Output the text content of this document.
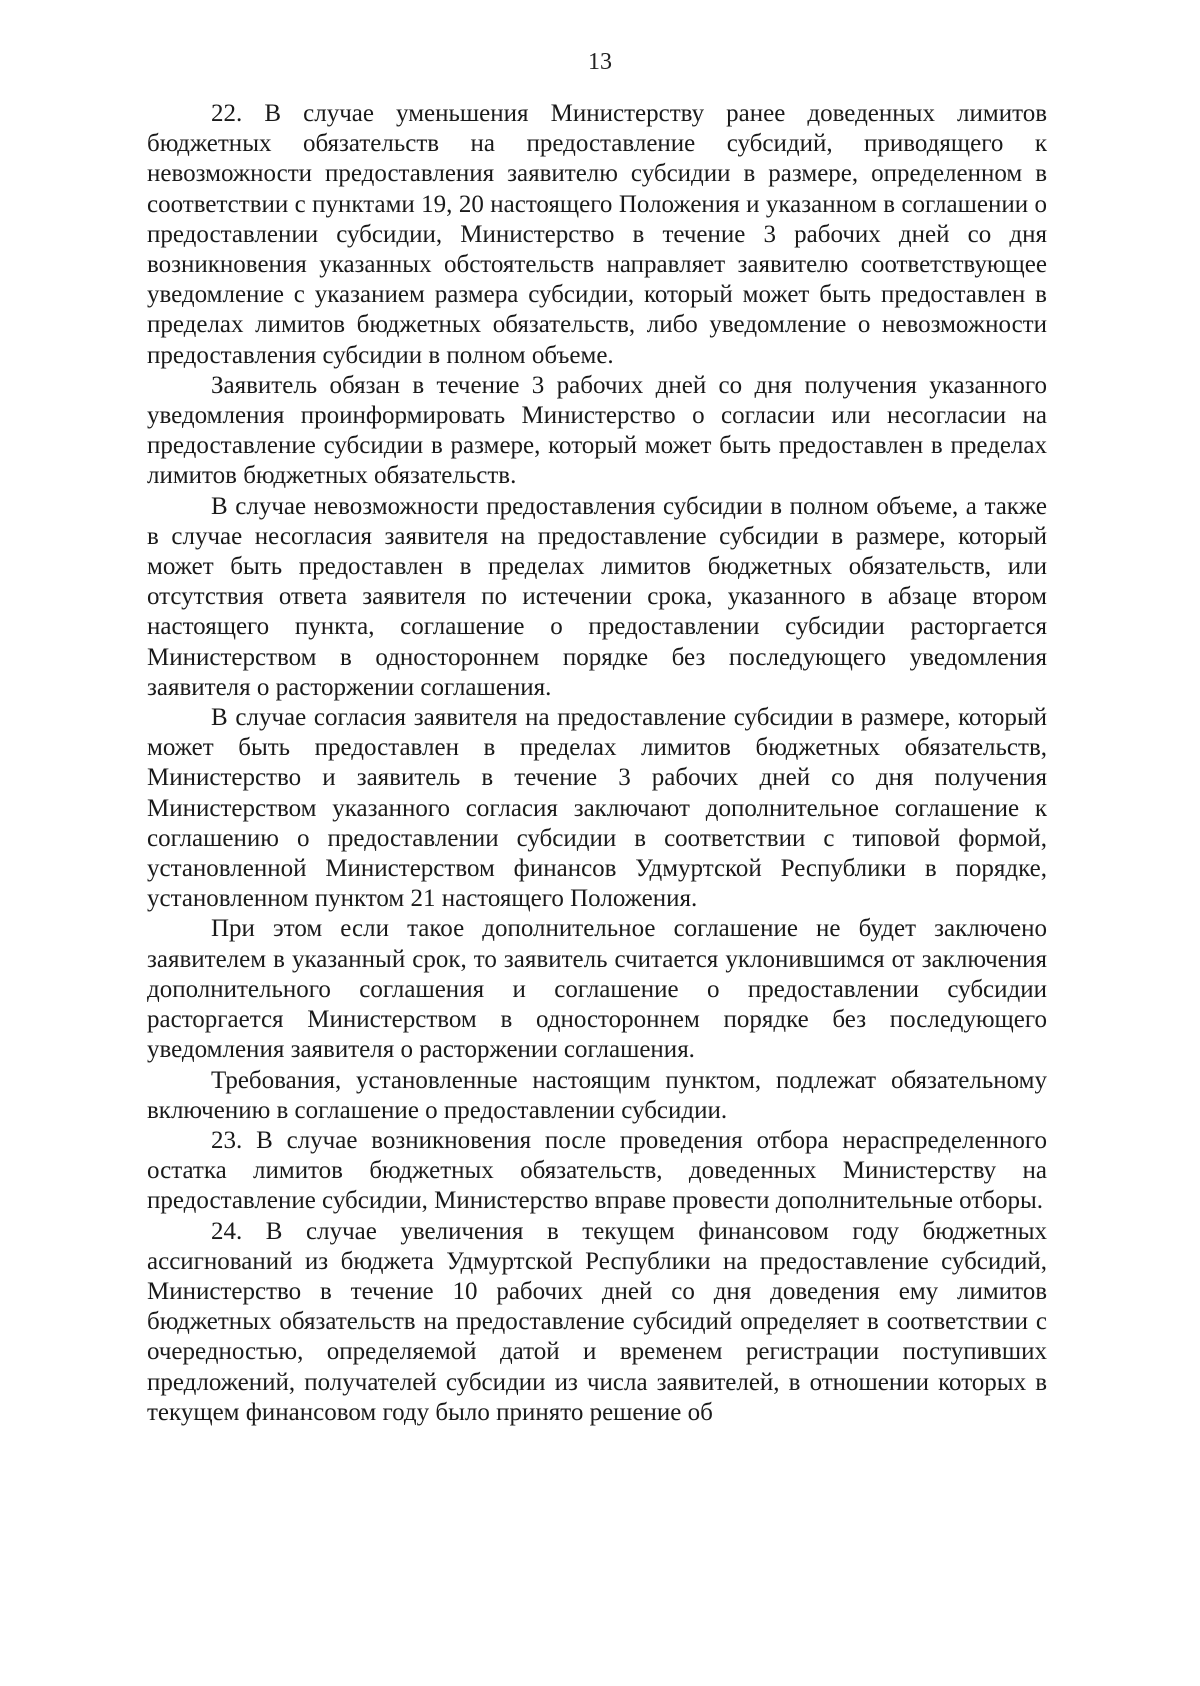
13

22. В случае уменьшения Министерству ранее доведенных лимитов бюджетных обязательств на предоставление субсидий, приводящего к невозможности предоставления заявителю субсидии в размере, определенном в соответствии с пунктами 19, 20 настоящего Положения и указанном в соглашении о предоставлении субсидии, Министерство в течение 3 рабочих дней со дня возникновения указанных обстоятельств направляет заявителю соответствующее уведомление с указанием размера субсидии, который может быть предоставлен в пределах лимитов бюджетных обязательств, либо уведомление о невозможности предоставления субсидии в полном объеме.

Заявитель обязан в течение 3 рабочих дней со дня получения указанного уведомления проинформировать Министерство о согласии или несогласии на предоставление субсидии в размере, который может быть предоставлен в пределах лимитов бюджетных обязательств.

В случае невозможности предоставления субсидии в полном объеме, а также в случае несогласия заявителя на предоставление субсидии в размере, который может быть предоставлен в пределах лимитов бюджетных обязательств, или отсутствия ответа заявителя по истечении срока, указанного в абзаце втором настоящего пункта, соглашение о предоставлении субсидии расторгается Министерством в одностороннем порядке без последующего уведомления заявителя о расторжении соглашения.

В случае согласия заявителя на предоставление субсидии в размере, который может быть предоставлен в пределах лимитов бюджетных обязательств, Министерство и заявитель в течение 3 рабочих дней со дня получения Министерством указанного согласия заключают дополнительное соглашение к соглашению о предоставлении субсидии в соответствии с типовой формой, установленной Министерством финансов Удмуртской Республики в порядке, установленном пунктом 21 настоящего Положения.

При этом если такое дополнительное соглашение не будет заключено заявителем в указанный срок, то заявитель считается уклонившимся от заключения дополнительного соглашения и соглашение о предоставлении субсидии расторгается Министерством в одностороннем порядке без последующего уведомления заявителя о расторжении соглашения.

Требования, установленные настоящим пунктом, подлежат обязательному включению в соглашение о предоставлении субсидии.

23. В случае возникновения после проведения отбора нераспределенного остатка лимитов бюджетных обязательств, доведенных Министерству на предоставление субсидии, Министерство вправе провести дополнительные отборы.

24. В случае увеличения в текущем финансовом году бюджетных ассигнований из бюджета Удмуртской Республики на предоставление субсидий, Министерство в течение 10 рабочих дней со дня доведения ему лимитов бюджетных обязательств на предоставление субсидий определяет в соответствии с очередностью, определяемой датой и временем регистрации поступивших предложений, получателей субсидии из числа заявителей, в отношении которых в текущем финансовом году было принято решение об
